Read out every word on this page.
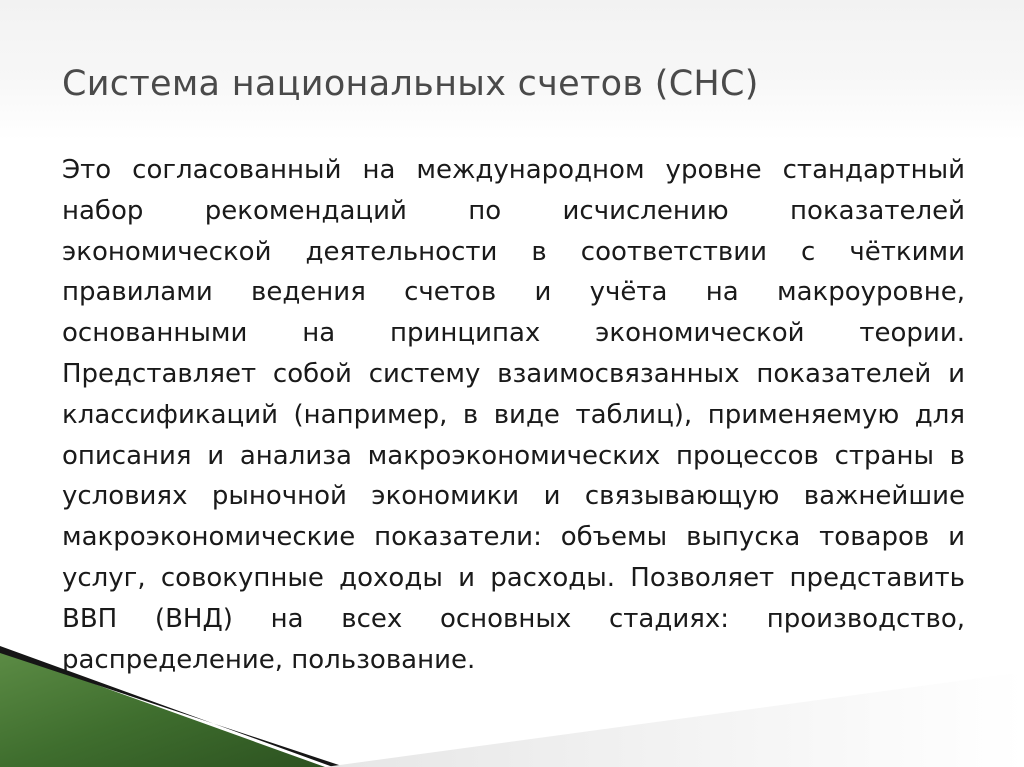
Система национальных счетов (СНС)

Это согласованный на международном уровне стандартный набор рекомендаций по исчислению показателей экономической деятельности в соответствии с чёткими правилами ведения счетов и учёта на макроуровне, основанными на принципах экономической теории. Представляет собой систему взаимосвязанных показателей и классификаций (например, в виде таблиц), применяемую для описания и анализа макроэкономических процессов страны в условиях рыночной экономики и связывающую важнейшие макроэкономические показатели: объемы выпуска товаров и услуг, совокупные доходы и расходы. Позволяет представить ВВП (ВНД) на всех основных стадиях: производство, распределение, пользование.
